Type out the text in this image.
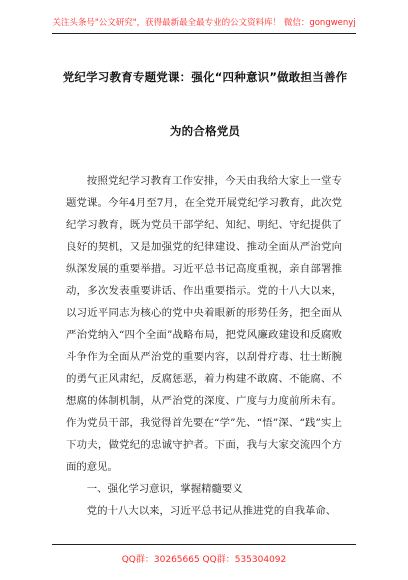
关注头条号"公文研究"，获得最新最全最专业的公文资料库！ 微信：gongwenyj
党纪学习教育专题党课：强化“四种意识”做敢担当善作
为的合格党员

按照党纪学习教育工作安排，今天由我给大家上一堂专题党课。今年4月至7月，在全党开展党纪学习教育，此次党纪学习教育，既为党员干部学纪、知纪、明纪、守纪提供了良好的契机，又是加强党的纪律建设、推动全面从严治党向纵深发展的重要举措。习近平总书记高度重视，亲自部署推动，多次发表重要讲话、作出重要指示。党的十八大以来，以习近平同志为核心的党中央着眼新的形势任务，把全面从严治党纳入“四个全面”战略布局，把党风廉政建设和反腐败斗争作为全面从严治党的重要内容，以刮骨疗毒、壮士断腕的勇气正风肃纪，反腐惩恶，着力构建不敢腐、不能腐、不想腐的体制机制，从严治党的深度、广度与力度前所未有。作为党员干部，我觉得首先要在“学”先、“悟”深、“践”实上下功夫，做党纪的忠诚守护者。下面，我与大家交流四个方面的意见。

一、强化学习意识，掌握精髓要义

党的十八大以来，习近平总书记从推进党的自我革命、

QQ群：30265665 QQ群：535304092
